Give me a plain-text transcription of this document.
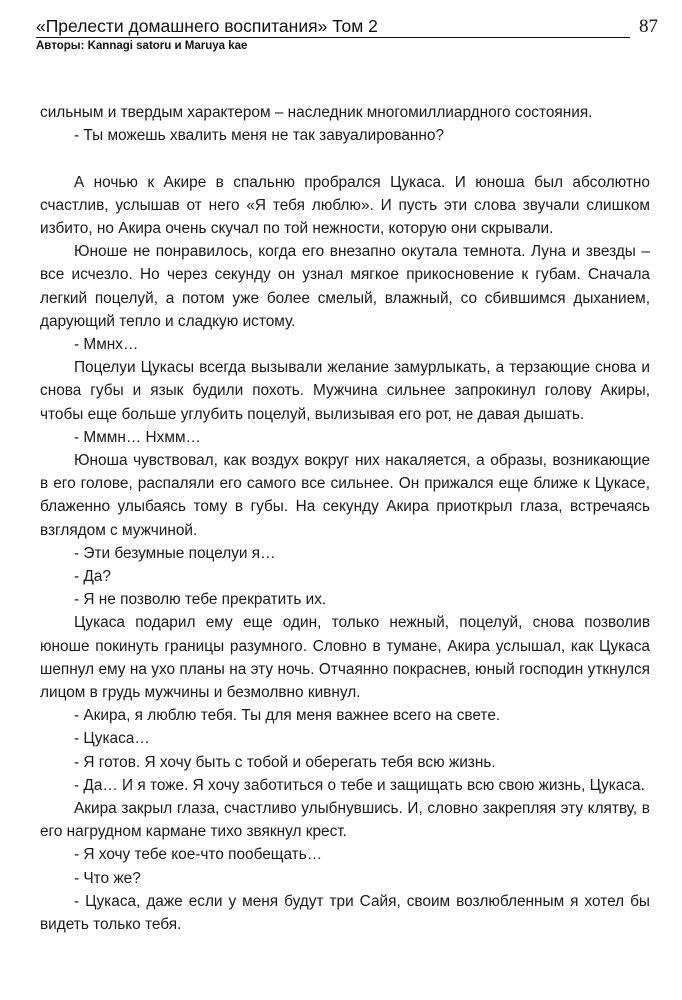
«Прелести домашнего воспитания» Том 2	87
Авторы: Kannagi satoru и Maruya kae

сильным и твердым характером – наследник многомиллиардного состояния.

- Ты можешь хвалить меня не так завуалированно?

А ночью к Акире в спальню пробрался Цукаса. И юноша был абсолютно счастлив, услышав от него «Я тебя люблю». И пусть эти слова звучали слишком избито, но Акира очень скучал по той нежности, которую они скрывали.

Юноше не понравилось, когда его внезапно окутала темнота. Луна и звезды – все исчезло. Но через секунду он узнал мягкое прикосновение к губам. Сначала легкий поцелуй, а потом уже более смелый, влажный, со сбившимся дыханием, дарующий тепло и сладкую истому.

- Ммнх…

Поцелуи Цукасы всегда вызывали желание замурлыкать, а терзающие снова и снова губы и язык будили похоть. Мужчина сильнее запрокинул голову Акиры, чтобы еще больше углубить поцелуй, вылизывая его рот, не давая дышать.

- Мммн… Нхмм…

Юноша чувствовал, как воздух вокруг них накаляется, а образы, возникающие в его голове, распаляли его самого все сильнее. Он прижался еще ближе к Цукасе, блаженно улыбаясь тому в губы. На секунду Акира приоткрыл глаза, встречаясь взглядом с мужчиной.

- Эти безумные поцелуи я…

- Да?

- Я не позволю тебе прекратить их.

Цукаса подарил ему еще один, только нежный, поцелуй, снова позволив юноше покинуть границы разумного. Словно в тумане, Акира услышал, как Цукаса шепнул ему на ухо планы на эту ночь. Отчаянно покраснев, юный господин уткнулся лицом в грудь мужчины и безмолвно кивнул.

- Акира, я люблю тебя. Ты для меня важнее всего на свете.

- Цукаса…

- Я готов. Я хочу быть с тобой и оберегать тебя всю жизнь.

- Да… И я тоже. Я хочу заботиться о тебе и защищать всю свою жизнь, Цукаса.

Акира закрыл глаза, счастливо улыбнувшись. И, словно закрепляя эту клятву, в его нагрудном кармане тихо звякнул крест.

- Я хочу тебе кое-что пообещать…

- Что же?

- Цукаса, даже если у меня будут три Сайя, своим возлюбленным я хотел бы видеть только тебя.
